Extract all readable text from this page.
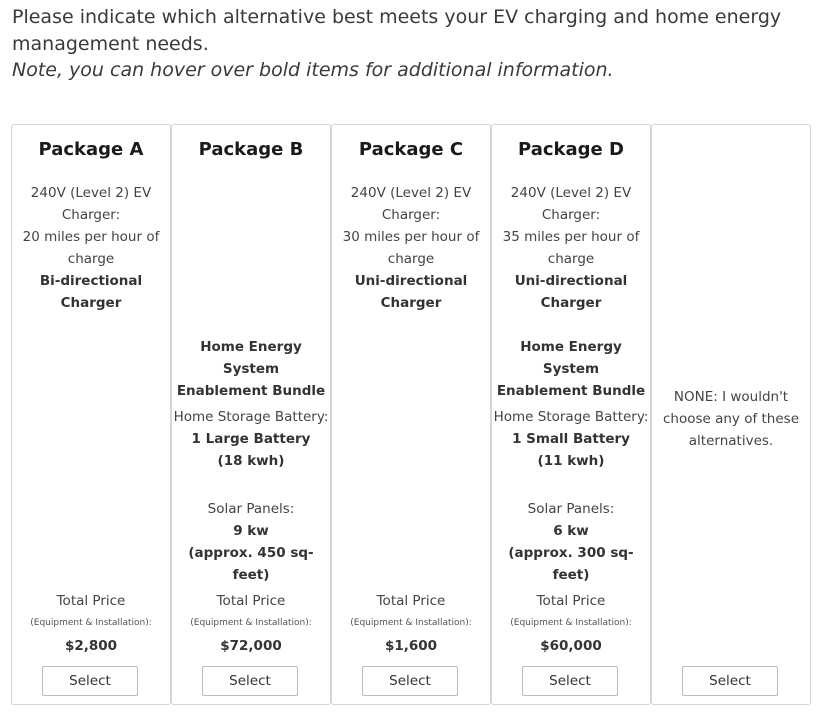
Please indicate which alternative best meets your EV charging and home energy management needs.
Note, you can hover over bold items for additional information.
Package A
240V (Level 2) EV
Charger:
20 miles per hour of
charge
Bi-directional Charger
Total Price
(Equipment & Installation):
$2,800
Select
Package B
Home Energy System
Enablement Bundle
Home Storage Battery:
1 Large Battery
(18 kwh)
Solar Panels:
9 kw
(approx. 450 sq-feet)
Total Price
(Equipment & Installation):
$72,000
Select
Package C
240V (Level 2) EV
Charger:
30 miles per hour of
charge
Uni-directional
Charger
Total Price
(Equipment & Installation):
$1,600
Select
Package D
240V (Level 2) EV
Charger:
35 miles per hour of
charge
Uni-directional
Charger
Home Energy System
Enablement Bundle
Home Storage Battery:
1 Small Battery
(11 kwh)
Solar Panels:
6 kw
(approx. 300 sq-feet)
Total Price
(Equipment & Installation):
$60,000
Select
NONE: I wouldn't choose any of these alternatives.
Select
